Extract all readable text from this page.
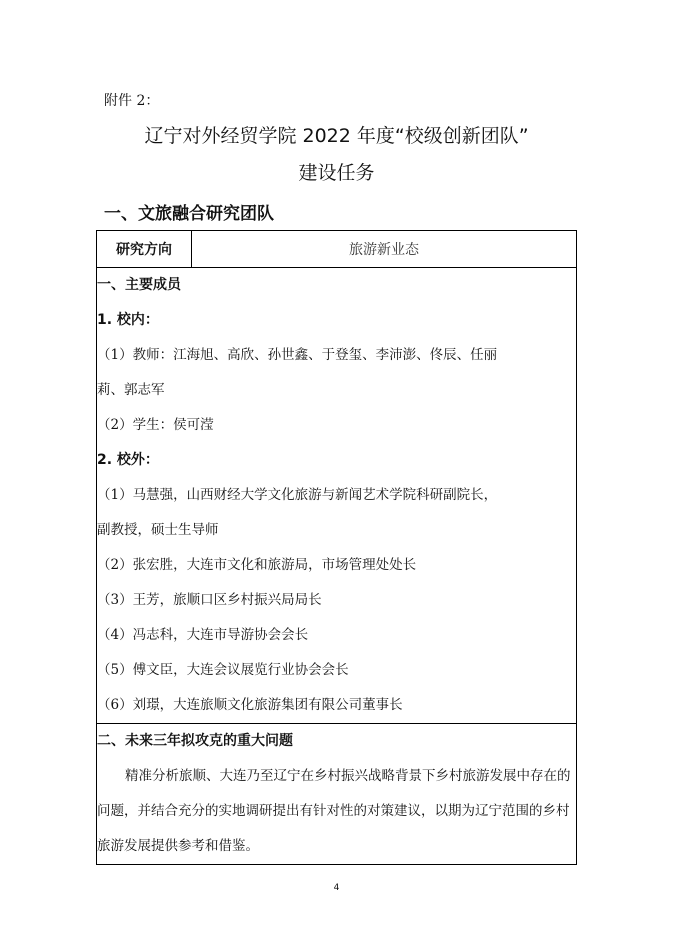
附件 2：
辽宁对外经贸学院 2022 年度“校级创新团队”
建设任务
一、文旅融合研究团队
研究方向	旅游新业态

一、主要成员
1. 校内：
（1）教师：江海旭、高欣、孙世鑫、于登玺、李沛澎、佟辰、任丽
莉、郭志军
（2）学生：侯可滢
2. 校外：
（1）马慧强，山西财经大学文化旅游与新闻艺术学院科研副院长，
副教授，硕士生导师
（2）张宏胜，大连市文化和旅游局，市场管理处处长
（3）王芳，旅顺口区乡村振兴局局长
（4）冯志科，大连市导游协会会长
（5）傅文臣，大连会议展览行业协会会长
（6）刘璟，大连旅顺文化旅游集团有限公司董事长

二、未来三年拟攻克的重大问题
精准分析旅顺、大连乃至辽宁在乡村振兴战略背景下乡村旅游发展中存在的问题，并结合充分的实地调研提出有针对性的对策建议，以期为辽宁范围的乡村旅游发展提供参考和借鉴。
4
